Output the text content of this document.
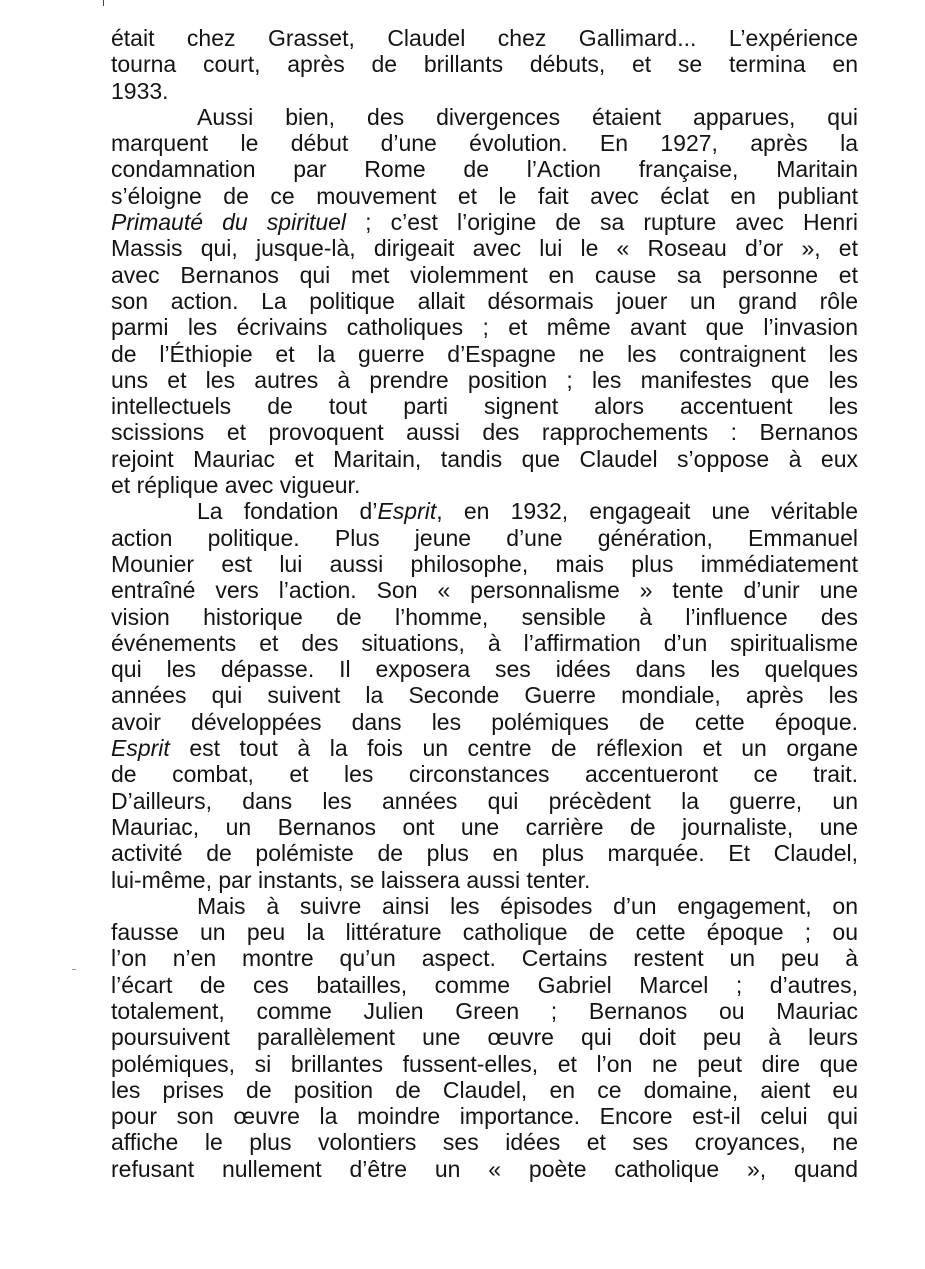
était chez Grasset, Claudel chez Gallimard... L’expérience
tourna court, après de brillants débuts, et se termina en
1933.
Aussi bien, des divergences étaient apparues, qui
marquent le début d’une évolution. En 1927, après la
condamnation par Rome de l’Action française, Maritain
s’éloigne de ce mouvement et le fait avec éclat en publiant
Primauté du spirituel ; c’est l’origine de sa rupture avec Henri
Massis qui, jusque-là, dirigeait avec lui le « Roseau d’or », et
avec Bernanos qui met violemment en cause sa personne et
son action. La politique allait désormais jouer un grand rôle
parmi les écrivains catholiques ; et même avant que l’invasion
de l’Éthiopie et la guerre d’Espagne ne les contraignent les
uns et les autres à prendre position ; les manifestes que les
intellectuels de tout parti signent alors accentuent les
scissions et provoquent aussi des rapprochements : Bernanos
rejoint Mauriac et Maritain, tandis que Claudel s’oppose à eux
et réplique avec vigueur.
La fondation d’Esprit, en 1932, engageait une véritable
action politique. Plus jeune d’une génération, Emmanuel
Mounier est lui aussi philosophe, mais plus immédiatement
entraîné vers l’action. Son « personnalisme » tente d’unir une
vision historique de l’homme, sensible à l’influence des
événements et des situations, à l’affirmation d’un spiritualisme
qui les dépasse. Il exposera ses idées dans les quelques
années qui suivent la Seconde Guerre mondiale, après les
avoir développées dans les polémiques de cette époque.
Esprit est tout à la fois un centre de réflexion et un organe
de combat, et les circonstances accentueront ce trait.
D’ailleurs, dans les années qui précèdent la guerre, un
Mauriac, un Bernanos ont une carrière de journaliste, une
activité de polémiste de plus en plus marquée. Et Claudel,
lui-même, par instants, se laissera aussi tenter.
Mais à suivre ainsi les épisodes d’un engagement, on
fausse un peu la littérature catholique de cette époque ; ou
l’on n’en montre qu’un aspect. Certains restent un peu à
l’écart de ces batailles, comme Gabriel Marcel ; d’autres,
totalement, comme Julien Green ; Bernanos ou Mauriac
poursuivent parallèlement une œuvre qui doit peu à leurs
polémiques, si brillantes fussent-elles, et l’on ne peut dire que
les prises de position de Claudel, en ce domaine, aient eu
pour son œuvre la moindre importance. Encore est-il celui qui
affiche le plus volontiers ses idées et ses croyances, ne
refusant nullement d’être un « poète catholique », quand
